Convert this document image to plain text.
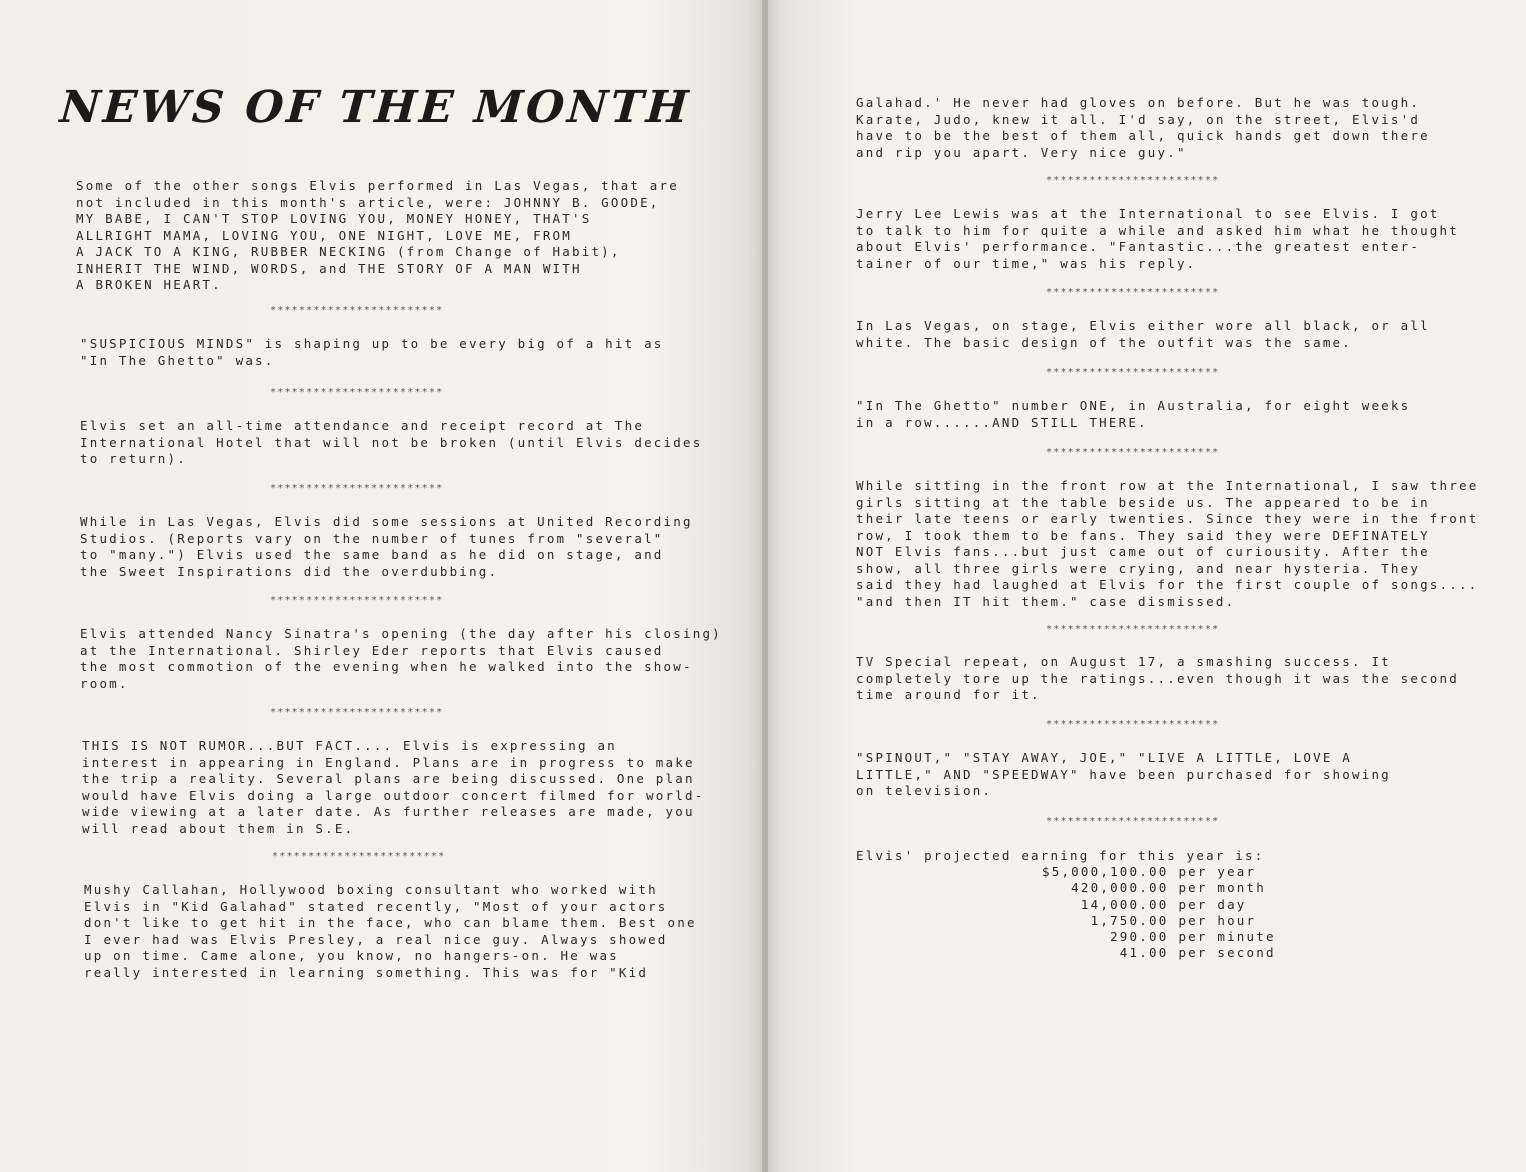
NEWS OF THE MONTH

Some of the other songs Elvis performed in Las Vegas, that are
not included in this month's article, were: JOHNNY B. GOODE,
MY BABE, I CAN'T STOP LOVING YOU, MONEY HONEY, THAT'S
ALLRIGHT MAMA, LOVING YOU, ONE NIGHT, LOVE ME, FROM
A JACK TO A KING, RUBBER NECKING (from Change of Habit),
INHERIT THE WIND, WORDS, and THE STORY OF A MAN WITH
A BROKEN HEART.

************************

"SUSPICIOUS MINDS" is shaping up to be every big of a hit as
"In The Ghetto" was.

************************

Elvis set an all-time attendance and receipt record at The
International Hotel that will not be broken (until Elvis decides
to return).

************************

While in Las Vegas, Elvis did some sessions at United Recording
Studios. (Reports vary on the number of tunes from "several"
to "many.") Elvis used the same band as he did on stage, and
the Sweet Inspirations did the overdubbing.

************************

Elvis attended Nancy Sinatra's opening (the day after his closing)
at the International. Shirley Eder reports that Elvis caused
the most commotion of the evening when he walked into the show-
room.

************************

THIS IS NOT RUMOR...BUT FACT.... Elvis is expressing an
interest in appearing in England. Plans are in progress to make
the trip a reality. Several plans are being discussed. One plan
would have Elvis doing a large outdoor concert filmed for world-
wide viewing at a later date. As further releases are made, you
will read about them in S.E.

************************

Mushy Callahan, Hollywood boxing consultant who worked with
Elvis in "Kid Galahad" stated recently, "Most of your actors
don't like to get hit in the face, who can blame them. Best one
I ever had was Elvis Presley, a real nice guy. Always showed
up on time. Came alone, you know, no hangers-on. He was
really interested in learning something. This was for "Kid

Galahad.' He never had gloves on before. But he was tough.
Karate, Judo, knew it all. I'd say, on the street, Elvis'd
have to be the best of them all, quick hands get down there
and rip you apart. Very nice guy."

************************

Jerry Lee Lewis was at the International to see Elvis. I got
to talk to him for quite a while and asked him what he thought
about Elvis' performance. "Fantastic...the greatest enter-
tainer of our time," was his reply.

************************

In Las Vegas, on stage, Elvis either wore all black, or all
white. The basic design of the outfit was the same.

************************

"In The Ghetto" number ONE, in Australia, for eight weeks
in a row......AND STILL THERE.

************************

While sitting in the front row at the International, I saw three
girls sitting at the table beside us. The appeared to be in
their late teens or early twenties. Since they were in the front
row, I took them to be fans. They said they were DEFINATELY
NOT Elvis fans...but just came out of curiousity. After the
show, all three girls were crying, and near hysteria. They
said they had laughed at Elvis for the first couple of songs....
"and then IT hit them." case dismissed.

************************

TV Special repeat, on August 17, a smashing success. It
completely tore up the ratings...even though it was the second
time around for it.

************************

"SPINOUT," "STAY AWAY, JOE," "LIVE A LITTLE, LOVE A
LITTLE," AND "SPEEDWAY" have been purchased for showing
on television.

************************

Elvis' projected earning for this year is:

$5,000,100.00	per year
420,000.00	per month
14,000.00	per day
1,750.00	per hour
290.00	per minute
41.00	per second
